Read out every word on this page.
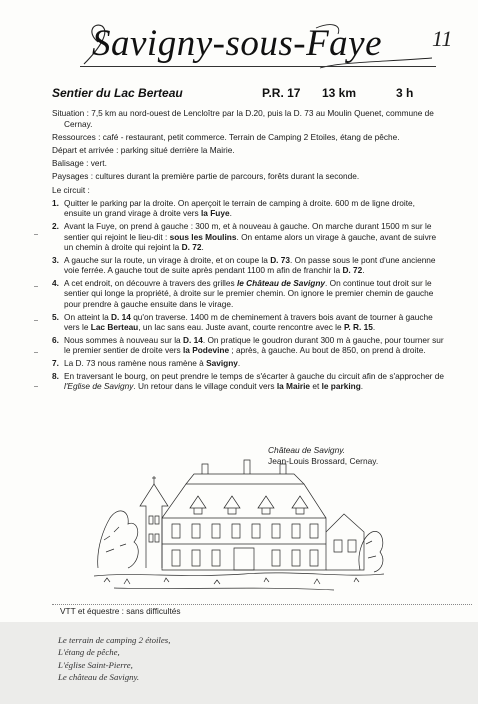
Savigny-sous-Faye 11
Sentier du Lac Berteau	P.R. 17 13 km	3 h

Situation : 7,5 km au nord-ouest de Lencloître par la D.20, puis la D. 73 au Moulin Quenet, commune de Cernay.

Ressources : café - restaurant, petit commerce. Terrain de Camping 2 Etoiles, étang de pêche.

Départ et arrivée : parking situé derrière la Mairie.

Balisage : vert.

Paysages : cultures durant la première partie de parcours, forêts durant la seconde.

Le circuit :

1. Quitter le parking par la droite. On aperçoit le terrain de camping à droite. 600 m de ligne droite, ensuite un grand virage à droite vers la Fuye.
2. Avant la Fuye, on prend à gauche : 300 m, et à nouveau à gauche. On marche durant 1500 m sur le sentier qui rejoint le lieu-dit : sous les Moulins. On entame alors un virage à gauche, avant de suivre un chemin à droite qui rejoint la D. 72.
3. A gauche sur la route, un virage à droite, et on coupe la D. 73. On passe sous le pont d'une ancienne voie ferrée. A gauche tout de suite après pendant 1100 m afin de franchir la D. 72.
4. A cet endroit, on découvre à travers des grilles le Château de Savigny. On continue tout droit sur le sentier qui longe la propriété, à droite sur le premier chemin. On ignore le premier chemin de gauche pour prendre à gauche ensuite dans le virage.
5. On atteint la D. 14 qu'on traverse. 1400 m de cheminement à travers bois avant de tourner à gauche vers le Lac Berteau, un lac sans eau. Juste avant, courte rencontre avec le P. R. 15.
6. Nous sommes à nouveau sur la D. 14. On pratique le goudron durant 300 m à gauche, pour tourner sur le premier sentier de droite vers la Podevine ; après, à gauche. Au bout de 850, on prend à droite.
7. La D. 73 nous ramène nous ramène à Savigny.
8. En traversant le bourg, on peut prendre le temps de s'écarter à gauche du circuit afin de s'approcher de l'Eglise de Savigny. Un retour dans le village conduit vers la Mairie et le parking.
Château de Savigny.
Jean-Louis Brossard, Cernay.
VTT et équestre : sans difficultés
Le terrain de camping 2 étoiles,
L'étang de pêche,
L'église Saint-Pierre,
Le château de Savigny.
